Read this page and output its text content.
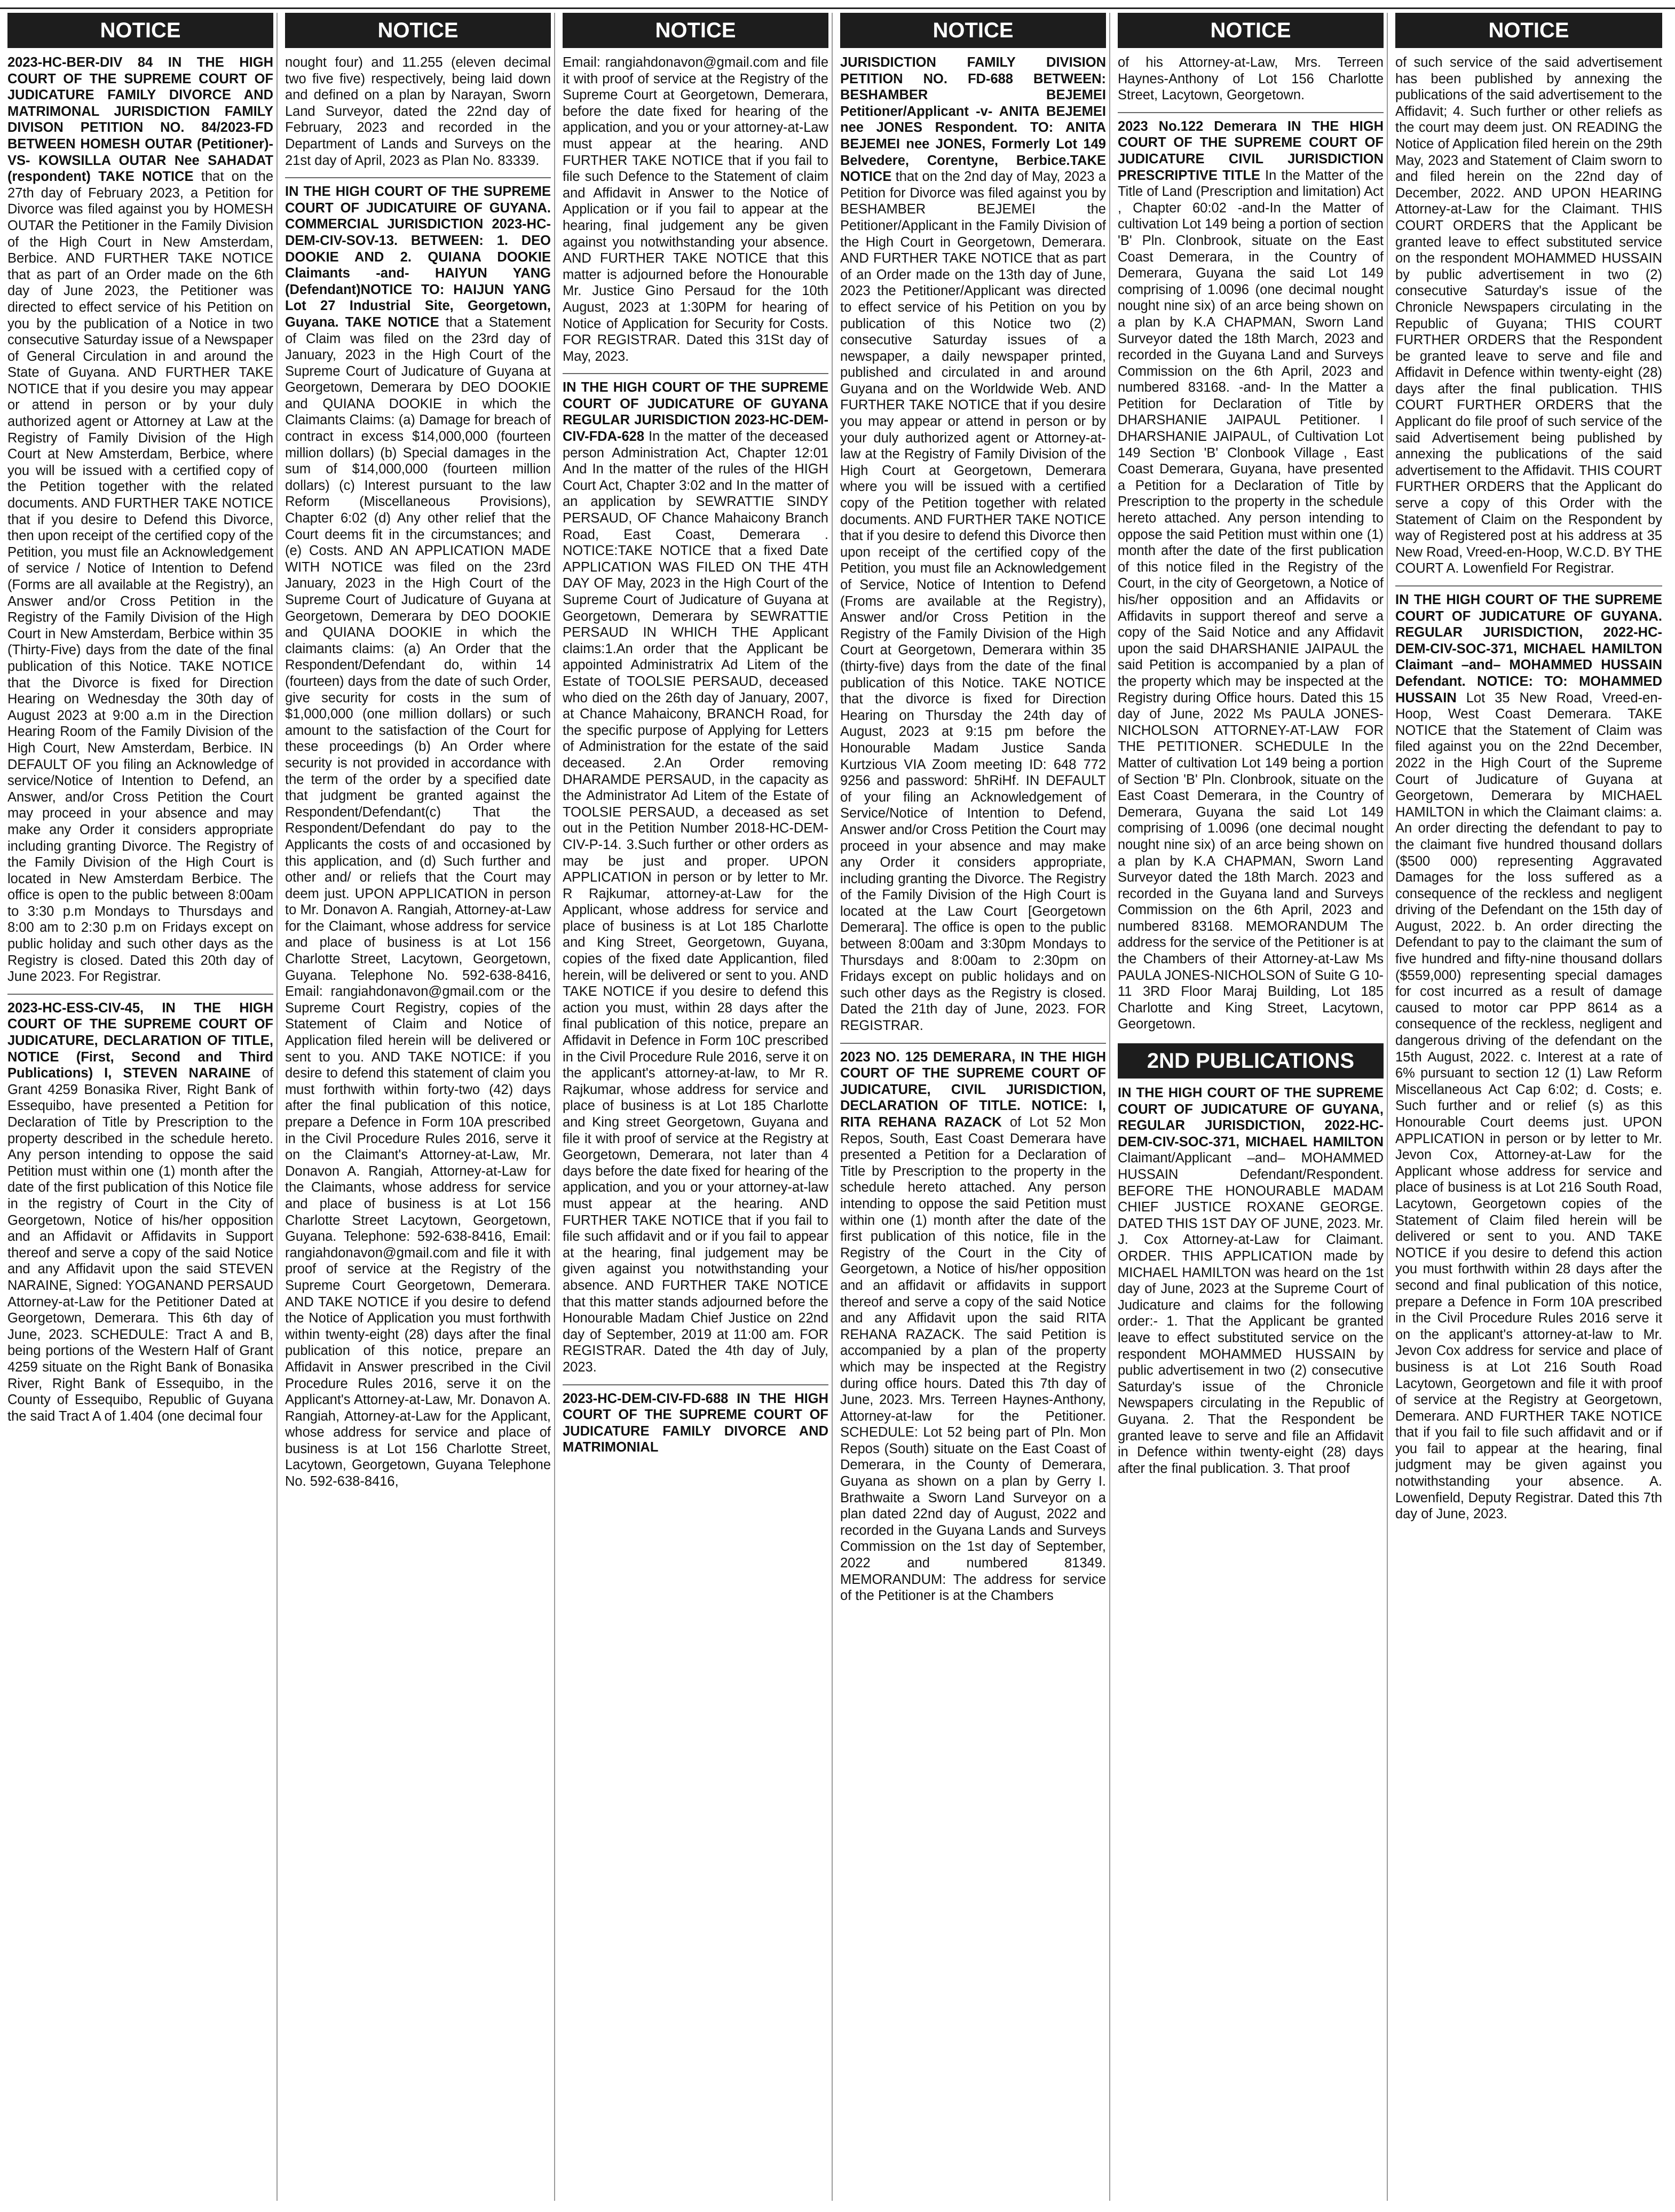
NOTICE

2023-HC-BER-DIV 84 IN THE HIGH COURT OF THE SUPREME COURT OF JUDICATURE FAMILY DIVORCE AND MATRIMONAL JURISDICTION FAMILY DIVISON PETITION NO. 84/2023-FD BETWEEN HOMESH OUTAR (Petitioner)-VS- KOWSILLA OUTAR Nee SAHADAT (respondent) TAKE NOTICE that on the 27th day of February 2023, a Petition for Divorce was filed against you by HOMESH OUTAR the Petitioner in the Family Division of the High Court in New Amsterdam, Berbice. AND FURTHER TAKE NOTICE that as part of an Order made on the 6th day of June 2023, the Petitioner was directed to effect service of his Petition on you by the publication of a Notice in two consecutive Saturday issue of a Newspaper of General Circulation in and around the State of Guyana. AND FURTHER TAKE NOTICE that if you desire you may appear or attend in person or by your duly authorized agent or Attorney at Law at the Registry of Family Division of the High Court at New Amsterdam, Berbice, where you will be issued with a certified copy of the Petition together with the related documents. AND FURTHER TAKE NOTICE that if you desire to Defend this Divorce, then upon receipt of the certified copy of the Petition, you must file an Acknowledgement of service / Notice of Intention to Defend (Forms are all available at the Registry), an Answer and/or Cross Petition in the Registry of the Family Division of the High Court in New Amsterdam, Berbice within 35 (Thirty-Five) days from the date of the final publication of this Notice. TAKE NOTICE that the Divorce is fixed for Direction Hearing on Wednesday the 30th day of August 2023 at 9:00 a.m in the Direction Hearing Room of the Family Division of the High Court, New Amsterdam, Berbice. IN DEFAULT OF you filing an Acknowledge of service/Notice of Intention to Defend, an Answer, and/or Cross Petition the Court may proceed in your absence and may make any Order it considers appropriate including granting Divorce. The Registry of the Family Division of the High Court is located in New Amsterdam Berbice. The office is open to the public between 8:00am to 3:30 p.m Mondays to Thursdays and 8:00 am to 2:30 p.m on Fridays except on public holiday and such other days as the Registry is closed. Dated this 20th day of June 2023. For Registrar.

2023-HC-ESS-CIV-45, IN THE HIGH COURT OF THE SUPREME COURT OF JUDICATURE, DECLARATION OF TITLE, NOTICE (First, Second and Third Publications) I, STEVEN NARAINE of Grant 4259 Bonasika River, Right Bank of Essequibo, have presented a Petition for Declaration of Title by Prescription to the property described in the schedule hereto. Any person intending to oppose the said Petition must within one (1) month after the date of the first publication of this Notice file in the registry of Court in the City of Georgetown, Notice of his/her opposition and an Affidavit or Affidavits in Support thereof and serve a copy of the said Notice and any Affidavit upon the said STEVEN NARAINE, Signed: YOGANAND PERSAUD Attorney-at-Law for the Petitioner Dated at Georgetown, Demerara. This 6th day of June, 2023. SCHEDULE: Tract A and B, being portions of the Western Half of Grant 4259 situate on the Right Bank of Bonasika River, Right Bank of Essequibo, in the County of Essequibo, Republic of Guyana the said Tract A of 1.404 (one decimal four

NOTICE

nought four) and 11.255 (eleven decimal two five five) respectively, being laid down and defined on a plan by Narayan, Sworn Land Surveyor, dated the 22nd day of February, 2023 and recorded in the Department of Lands and Surveys on the 21st day of April, 2023 as Plan No. 83339.

IN THE HIGH COURT OF THE SUPREME COURT OF JUDICATUIRE OF GUYANA. COMMERCIAL JURISDICTION 2023-HC-DEM-CIV-SOV-13. BETWEEN: 1. DEO DOOKIE AND 2. QUIANA DOOKIE Claimants -and- HAIYUN YANG (Defendant)NOTICE TO: HAIJUN YANG Lot 27 Industrial Site, Georgetown, Guyana. TAKE NOTICE that a Statement of Claim was filed on the 23rd day of January, 2023 in the High Court of the Supreme Court of Judicature of Guyana at Georgetown, Demerara by DEO DOOKIE and QUIANA DOOKIE in which the Claimants Claims: (a) Damage for breach of contract in excess $14,000,000 (fourteen million dollars) (b) Special damages in the sum of $14,000,000 (fourteen million dollars) (c) Interest pursuant to the law Reform (Miscellaneous Provisions), Chapter 6:02 (d) Any other relief that the Court deems fit in the circumstances; and (e) Costs. AND AN APPLICATION MADE WITH NOTICE was filed on the 23rd January, 2023 in the High Court of the Supreme Court of Judicature of Guyana at Georgetown, Demerara by DEO DOOKIE and QUIANA DOOKIE in which the claimants claims: (a) An Order that the Respondent/Defendant do, within 14 (fourteen) days from the date of such Order, give security for costs in the sum of $1,000,000 (one million dollars) or such amount to the satisfaction of the Court for these proceedings (b) An Order where security is not provided in accordance with the term of the order by a specified date that judgment be granted against the Respondent/Defendant(c) That the Respondent/Defendant do pay to the Applicants the costs of and occasioned by this application, and (d) Such further and other and/ or reliefs that the Court may deem just. UPON APPLICATION in person to Mr. Donavon A. Rangiah, Attorney-at-Law for the Claimant, whose address for service and place of business is at Lot 156 Charlotte Street, Lacytown, Georgetown, Guyana. Telephone No. 592-638-8416, Email: rangiahdonavon@gmail.com or the Supreme Court Registry, copies of the Statement of Claim and Notice of Application filed herein will be delivered or sent to you. AND TAKE NOTICE: if you desire to defend this statement of claim you must forthwith within forty-two (42) days after the final publication of this notice, prepare a Defence in Form 10A prescribed in the Civil Procedure Rules 2016, serve it on the Claimant's Attorney-at-Law, Mr. Donavon A. Rangiah, Attorney-at-Law for the Claimants, whose address for service and place of business is at Lot 156 Charlotte Street Lacytown, Georgetown, Guyana. Telephone: 592-638-8416, Email: rangiahdonavon@gmail.com and file it with proof of service at the Registry of the Supreme Court Georgetown, Demerara. AND TAKE NOTICE if you desire to defend the Notice of Application you must forthwith within twenty-eight (28) days after the final publication of this notice, prepare an Affidavit in Answer prescribed in the Civil Procedure Rules 2016, serve it on the Applicant's Attorney-at-Law, Mr. Donavon A. Rangiah, Attorney-at-Law for the Applicant, whose address for service and place of business is at Lot 156 Charlotte Street, Lacytown, Georgetown, Guyana Telephone No. 592-638-8416,

NOTICE

Email: rangiahdonavon@gmail.com and file it with proof of service at the Registry of the Supreme Court at Georgetown, Demerara, before the date fixed for hearing of the application, and you or your attorney-at-Law must appear at the hearing. AND FURTHER TAKE NOTICE that if you fail to file such Defence to the Statement of claim and Affidavit in Answer to the Notice of Application or if you fail to appear at the hearing, final judgement any be given against you notwithstanding your absence. AND FURTHER TAKE NOTICE that this matter is adjourned before the Honourable Mr. Justice Gino Persaud for the 10th August, 2023 at 1:30PM for hearing of Notice of Application for Security for Costs. FOR REGISTRAR. Dated this 31St day of May, 2023.

IN THE HIGH COURT OF THE SUPREME COURT OF JUDICATURE OF GUYANA REGULAR JURISDICTION 2023-HC-DEM-CIV-FDA-628 In the matter of the deceased person Administration Act, Chapter 12:01 And In the matter of the rules of the HIGH Court Act, Chapter 3:02 and In the matter of an application by SEWRATTIE SINDY PERSAUD, OF Chance Mahaicony Branch Road, East Coast, Demerara . NOTICE:TAKE NOTICE that a fixed Date APPLICATION WAS FILED ON THE 4TH DAY OF May, 2023 in the High Court of the Supreme Court of Judicature of Guyana at Georgetown, Demerara by SEWRATTIE PERSAUD IN WHICH THE Applicant claims:1.An order that the Applicant be appointed Administratrix Ad Litem of the Estate of TOOLSIE PERSAUD, deceased who died on the 26th day of January, 2007, at Chance Mahaicony, BRANCH Road, for the specific purpose of Applying for Letters of Administration for the estate of the said deceased. 2.An Order removing DHARAMDE PERSAUD, in the capacity as the Administrator Ad Litem of the Estate of TOOLSIE PERSAUD, a deceased as set out in the Petition Number 2018-HC-DEM-CIV-P-14. 3.Such further or other orders as may be just and proper. UPON APPLICATION in person or by letter to Mr. R Rajkumar, attorney-at-Law for the Applicant, whose address for service and place of business is at Lot 185 Charlotte and King Street, Georgetown, Guyana, copies of the fixed date Applicantion, filed herein, will be delivered or sent to you. AND TAKE NOTICE if you desire to defend this action you must, within 28 days after the final publication of this notice, prepare an Affidavit in Defence in Form 10C prescribed in the Civil Procedure Rule 2016, serve it on the applicant's attorney-at-law, to Mr R. Rajkumar, whose address for service and place of business is at Lot 185 Charlotte and King street Georgetown, Guyana and file it with proof of service at the Registry at Georgetown, Demerara, not later than 4 days before the date fixed for hearing of the application, and you or your attorney-at-law must appear at the hearing. AND FURTHER TAKE NOTICE that if you fail to file such affidavit and or if you fail to appear at the hearing, final judgement may be given against you notwithstanding your absence. AND FURTHER TAKE NOTICE that this matter stands adjourned before the Honourable Madam Chief Justice on 22nd day of September, 2019 at 11:00 am. FOR REGISTRAR. Dated the 4th day of July, 2023.

2023-HC-DEM-CIV-FD-688 IN THE HIGH COURT OF THE SUPREME COURT OF JUDICATURE FAMILY DIVORCE AND MATRIMONIAL

NOTICE

JURISDICTION FAMILY DIVISION PETITION NO. FD-688 BETWEEN: BESHAMBER BEJEMEI Petitioner/Applicant -v- ANITA BEJEMEI nee JONES Respondent. TO: ANITA BEJEMEI nee JONES, Formerly Lot 149 Belvedere, Corentyne, Berbice.TAKE NOTICE that on the 2nd day of May, 2023 a Petition for Divorce was filed against you by BESHAMBER BEJEMEI the Petitioner/Applicant in the Family Division of the High Court in Georgetown, Demerara. AND FURTHER TAKE NOTICE that as part of an Order made on the 13th day of June, 2023 the Petitioner/Applicant was directed to effect service of his Petition on you by publication of this Notice two (2) consecutive Saturday issues of a newspaper, a daily newspaper printed, published and circulated in and around Guyana and on the Worldwide Web. AND FURTHER TAKE NOTICE that if you desire you may appear or attend in person or by your duly authorized agent or Attorney-at-law at the Registry of Family Division of the High Court at Georgetown, Demerara where you will be issued with a certified copy of the Petition together with related documents. AND FURTHER TAKE NOTICE that if you desire to defend this Divorce then upon receipt of the certified copy of the Petition, you must file an Acknowledgement of Service, Notice of Intention to Defend (Froms are available at the Registry), Answer and/or Cross Petition in the Registry of the Family Division of the High Court at Georgetown, Demerara within 35 (thirty-five) days from the date of the final publication of this Notice. TAKE NOTICE that the divorce is fixed for Direction Hearing on Thursday the 24th day of August, 2023 at 9:15 pm before the Honourable Madam Justice Sanda Kurtzious VIA Zoom meeting ID: 648 772 9256 and password: 5hRiHf. IN DEFAULT of your filing an Acknowledgement of Service/Notice of Intention to Defend, Answer and/or Cross Petition the Court may proceed in your absence and may make any Order it considers appropriate, including granting the Divorce. The Registry of the Family Division of the High Court is located at the Law Court [Georgetown Demerara]. The office is open to the public between 8:00am and 3:30pm Mondays to Thursdays and 8:00am to 2:30pm on Fridays except on public holidays and on such other days as the Registry is closed. Dated the 21th day of June, 2023. FOR REGISTRAR.

2023 NO. 125 DEMERARA, IN THE HIGH COURT OF THE SUPREME COURT OF JUDICATURE, CIVIL JURISDICTION, DECLARATION OF TITLE. NOTICE: I, RITA REHANA RAZACK of Lot 52 Mon Repos, South, East Coast Demerara have presented a Petition for a Declaration of Title by Prescription to the property in the schedule hereto attached. Any person intending to oppose the said Petition must within one (1) month after the date of the first publication of this notice, file in the Registry of the Court in the City of Georgetown, a Notice of his/her opposition and an affidavit or affidavits in support thereof and serve a copy of the said Notice and any Affidavit upon the said RITA REHANA RAZACK. The said Petition is accompanied by a plan of the property which may be inspected at the Registry during office hours. Dated this 7th day of June, 2023. Mrs. Terreen Haynes-Anthony, Attorney-at-law for the Petitioner. SCHEDULE: Lot 52 being part of Pln. Mon Repos (South) situate on the East Coast of Demerara, in the County of Demerara, Guyana as shown on a plan by Gerry I. Brathwaite a Sworn Land Surveyor on a plan dated 22nd day of August, 2022 and recorded in the Guyana Lands and Surveys Commission on the 1st day of September, 2022 and numbered 81349. MEMORANDUM: The address for service of the Petitioner is at the Chambers

NOTICE

of his Attorney-at-Law, Mrs. Terreen Haynes-Anthony of Lot 156 Charlotte Street, Lacytown, Georgetown.

2023 No.122 Demerara IN THE HIGH COURT OF THE SUPREME COURT OF JUDICATURE CIVIL JURISDICTION PRESCRIPTIVE TITLE In the Matter of the Title of Land (Prescription and limitation) Act , Chapter 60:02 -and-In the Matter of cultivation Lot 149 being a portion of section 'B' Pln. Clonbrook, situate on the East Coast Demerara, in the Country of Demerara, Guyana the said Lot 149 comprising of 1.0096 (one decimal nought nought nine six) of an arce being shown on a plan by K.A CHAPMAN, Sworn Land Surveyor dated the 18th March, 2023 and recorded in the Guyana Land and Surveys Commission on the 6th April, 2023 and numbered 83168. -and- In the Matter a Petition for Declaration of Title by DHARSHANIE JAIPAUL Petitioner. I DHARSHANIE JAIPAUL, of Cultivation Lot 149 Section 'B' Clonbook Village , East Coast Demerara, Guyana, have presented a Petition for a Declaration of Title by Prescription to the property in the schedule hereto attached. Any person intending to oppose the said Petition must within one (1) month after the date of the first publication of this notice filed in the Registry of the Court, in the city of Georgetown, a Notice of his/her opposition and an Affidavits or Affidavits in support thereof and serve a copy of the Said Notice and any Affidavit upon the said DHARSHANIE JAIPAUL the said Petition is accompanied by a plan of the property which may be inspected at the Registry during Office hours. Dated this 15 day of June, 2022 Ms PAULA JONES-NICHOLSON ATTORNEY-AT-LAW FOR THE PETITIONER. SCHEDULE In the Matter of cultivation Lot 149 being a portion of Section 'B' Pln. Clonbrook, situate on the East Coast Demerara, in the Country of Demerara, Guyana the said Lot 149 comprising of 1.0096 (one decimal nought nought nine six) of an arce being shown on a plan by K.A CHAPMAN, Sworn Land Surveyor dated the 18th March. 2023 and recorded in the Guyana land and Surveys Commission on the 6th April, 2023 and numbered 83168. MEMORANDUM The address for the service of the Petitioner is at the Chambers of their Attorney-at-Law Ms PAULA JONES-NICHOLSON of Suite G 10-11 3RD Floor Maraj Building, Lot 185 Charlotte and King Street, Lacytown, Georgetown.

2ND PUBLICATIONS

IN THE HIGH COURT OF THE SUPREME COURT OF JUDICATURE OF GUYANA, REGULAR JURISDICTION, 2022-HC-DEM-CIV-SOC-371, MICHAEL HAMILTON Claimant/Applicant –and– MOHAMMED HUSSAIN Defendant/Respondent. BEFORE THE HONOURABLE MADAM CHIEF JUSTICE ROXANE GEORGE. DATED THIS 1ST DAY OF JUNE, 2023. Mr. J. Cox Attorney-at-Law for Claimant. ORDER. THIS APPLICATION made by MICHAEL HAMILTON was heard on the 1st day of June, 2023 at the Supreme Court of Judicature and claims for the following order:- 1. That the Applicant be granted leave to effect substituted service on the respondent MOHAMMED HUSSAIN by public advertisement in two (2) consecutive Saturday's issue of the Chronicle Newspapers circulating in the Republic of Guyana. 2. That the Respondent be granted leave to serve and file an Affidavit in Defence within twenty-eight (28) days after the final publication. 3. That proof

NOTICE

of such service of the said advertisement has been published by annexing the publications of the said advertisement to the Affidavit; 4. Such further or other reliefs as the court may deem just. ON READING the Notice of Application filed herein on the 29th May, 2023 and Statement of Claim sworn to and filed herein on the 22nd day of December, 2022. AND UPON HEARING Attorney-at-Law for the Claimant. THIS COURT ORDERS that the Applicant be granted leave to effect substituted service on the respondent MOHAMMED HUSSAIN by public advertisement in two (2) consecutive Saturday's issue of the Chronicle Newspapers circulating in the Republic of Guyana; THIS COURT FURTHER ORDERS that the Respondent be granted leave to serve and file and Affidavit in Defence within twenty-eight (28) days after the final publication. THIS COURT FURTHER ORDERS that the Applicant do file proof of such service of the said Advertisement being published by annexing the publications of the said advertisement to the Affidavit. THIS COURT FURTHER ORDERS that the Applicant do serve a copy of this Order with the Statement of Claim on the Respondent by way of Registered post at his address at 35 New Road, Vreed-en-Hoop, W.C.D. BY THE COURT A. Lowenfield For Registrar.

IN THE HIGH COURT OF THE SUPREME COURT OF JUDICATURE OF GUYANA. REGULAR JURISDICTION, 2022-HC-DEM-CIV-SOC-371, MICHAEL HAMILTON Claimant –and– MOHAMMED HUSSAIN Defendant. NOTICE: TO: MOHAMMED HUSSAIN Lot 35 New Road, Vreed-en-Hoop, West Coast Demerara. TAKE NOTICE that the Statement of Claim was filed against you on the 22nd December, 2022 in the High Court of the Supreme Court of Judicature of Guyana at Georgetown, Demerara by MICHAEL HAMILTON in which the Claimant claims: a. An order directing the defendant to pay to the claimant five hundred thousand dollars ($500 000) representing Aggravated Damages for the loss suffered as a consequence of the reckless and negligent driving of the Defendant on the 15th day of August, 2022. b. An order directing the Defendant to pay to the claimant the sum of five hundred and fifty-nine thousand dollars ($559,000) representing special damages for cost incurred as a result of damage caused to motor car PPP 8614 as a consequence of the reckless, negligent and dangerous driving of the defendant on the 15th August, 2022. c. Interest at a rate of 6% pursuant to section 12 (1) Law Reform Miscellaneous Act Cap 6:02; d. Costs; e. Such further and or relief (s) as this Honourable Court deems just. UPON APPLICATION in person or by letter to Mr. Jevon Cox, Attorney-at-Law for the Applicant whose address for service and place of business is at Lot 216 South Road, Lacytown, Georgetown copies of the Statement of Claim filed herein will be delivered or sent to you. AND TAKE NOTICE if you desire to defend this action you must forthwith within 28 days after the second and final publication of this notice, prepare a Defence in Form 10A prescribed in the Civil Procedure Rules 2016 serve it on the applicant's attorney-at-law to Mr. Jevon Cox address for service and place of business is at Lot 216 South Road Lacytown, Georgetown and file it with proof of service at the Registry at Georgetown, Demerara. AND FURTHER TAKE NOTICE that if you fail to file such affidavit and or if you fail to appear at the hearing, final judgment may be given against you notwithstanding your absence. A. Lowenfield, Deputy Registrar. Dated this 7th day of June, 2023.
